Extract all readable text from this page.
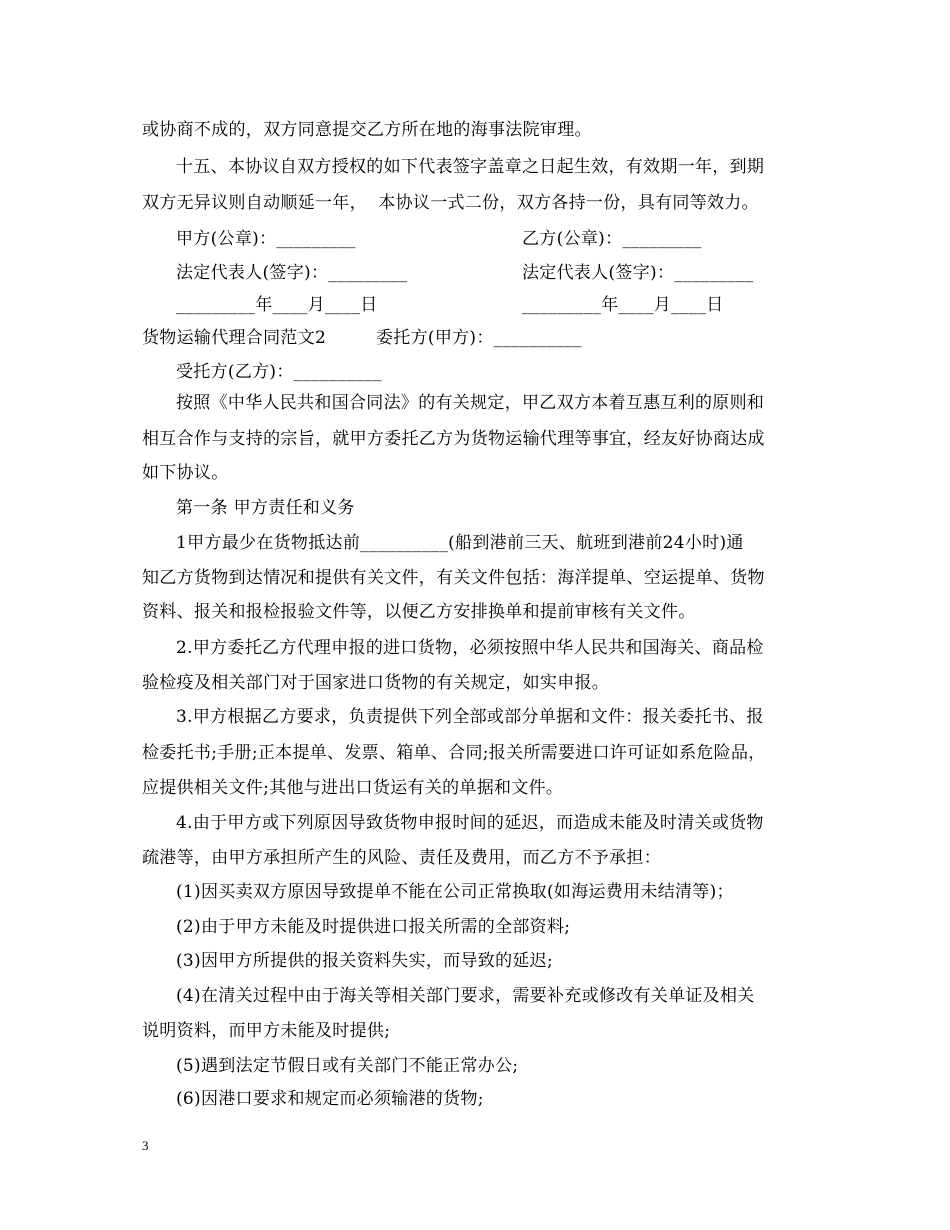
或协商不成的，双方同意提交乙方所在地的海事法院审理。
十五、本协议自双方授权的如下代表签字盖章之日起生效，有效期一年，到期
双方无异议则自动顺延一年，  本协议一式二份，双方各持一份，具有同等效力。
甲方(公章)：_________	乙方(公章)：_________
法定代表人(签字)：_________	法定代表人(签字)：_________
_________年____月____日	_________年____月____日
货物运输代理合同范文2	委托方(甲方)：__________
受托方(乙方)：__________
按照《中华人民共和国合同法》的有关规定，甲乙双方本着互惠互利的原则和
相互合作与支持的宗旨，就甲方委托乙方为货物运输代理等事宜，经友好协商达成
如下协议。
第一条 甲方责任和义务
1甲方最少在货物抵达前__________(船到港前三天、航班到港前24小时)通
知乙方货物到达情况和提供有关文件，有关文件包括：海洋提单、空运提单、货物
资料、报关和报检报验文件等，以便乙方安排换单和提前审核有关文件。
2.甲方委托乙方代理申报的进口货物，必须按照中华人民共和国海关、商品检
验检疫及相关部门对于国家进口货物的有关规定，如实申报。
3.甲方根据乙方要求，负责提供下列全部或部分单据和文件：报关委托书、报
检委托书;手册;正本提单、发票、箱单、合同;报关所需要进口许可证如系危险品，
应提供相关文件;其他与进出口货运有关的单据和文件。
4.由于甲方或下列原因导致货物申报时间的延迟，而造成未能及时清关或货物
疏港等，由甲方承担所产生的风险、责任及费用，而乙方不予承担：
(1)因买卖双方原因导致提单不能在公司正常换取(如海运费用未结清等)；
(2)由于甲方未能及时提供进口报关所需的全部资料;
(3)因甲方所提供的报关资料失实，而导致的延迟;
(4)在清关过程中由于海关等相关部门要求，需要补充或修改有关单证及相关
说明资料，而甲方未能及时提供;
(5)遇到法定节假日或有关部门不能正常办公;
(6)因港口要求和规定而必须输港的货物;
3
